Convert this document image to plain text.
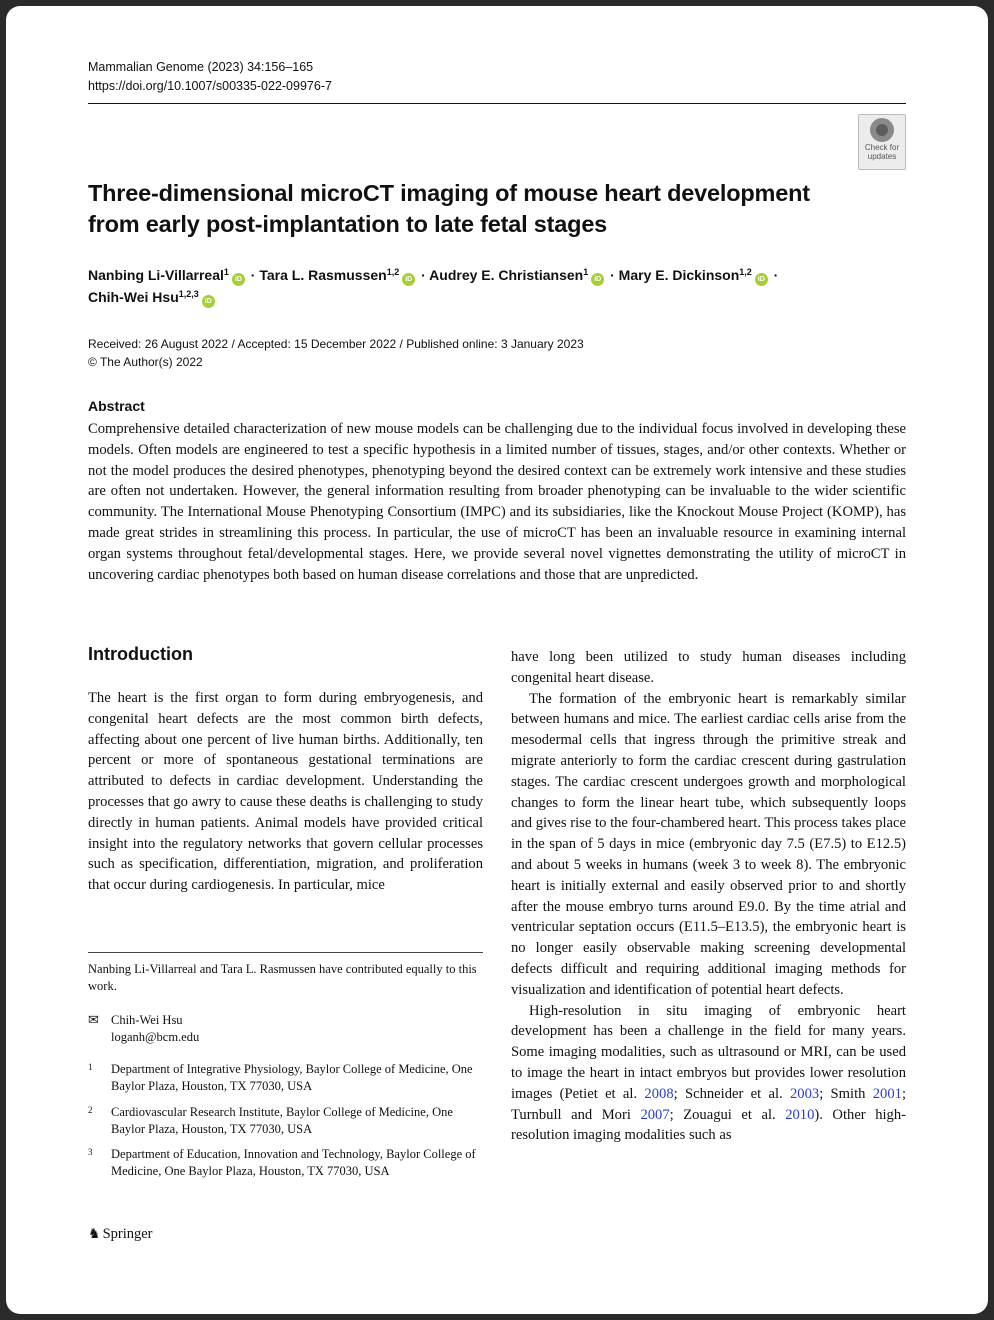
Mammalian Genome (2023) 34:156–165
https://doi.org/10.1007/s00335-022-09976-7
Check for
updates
Three-dimensional microCT imaging of mouse heart development from early post-implantation to late fetal stages
Nanbing Li-Villarreal$^1$iD · Tara L. Rasmussen$^{1,2}$iD · Audrey E. Christiansen$^1$iD · Mary E. Dickinson$^{1,2}$iD ·
Chih-Wei Hsu$^{1,2,3}$iD
Received: 26 August 2022 / Accepted: 15 December 2022 / Published online: 3 January 2023
© The Author(s) 2022
Abstract

Comprehensive detailed characterization of new mouse models can be challenging due to the individual focus involved in developing these models. Often models are engineered to test a specific hypothesis in a limited number of tissues, stages, and/or other contexts. Whether or not the model produces the desired phenotypes, phenotyping beyond the desired context can be extremely work intensive and these studies are often not undertaken. However, the general information resulting from broader phenotyping can be invaluable to the wider scientific community. The International Mouse Phenotyping Consortium (IMPC) and its subsidiaries, like the Knockout Mouse Project (KOMP), has made great strides in streamlining this process. In particular, the use of microCT has been an invaluable resource in examining internal organ systems throughout fetal/developmental stages. Here, we provide several novel vignettes demonstrating the utility of microCT in uncovering cardiac phenotypes both based on human disease correlations and those that are unpredicted.

Introduction

The heart is the first organ to form during embryogenesis, and congenital heart defects are the most common birth defects, affecting about one percent of live human births. Additionally, ten percent or more of spontaneous gestational terminations are attributed to defects in cardiac development. Understanding the processes that go awry to cause these deaths is challenging to study directly in human patients. Animal models have provided critical insight into the regulatory networks that govern cellular processes such as specification, differentiation, migration, and proliferation that occur during cardiogenesis. In particular, mice

have long been utilized to study human diseases including congenital heart disease.

The formation of the embryonic heart is remarkably similar between humans and mice. The earliest cardiac cells arise from the mesodermal cells that ingress through the primitive streak and migrate anteriorly to form the cardiac crescent during gastrulation stages. The cardiac crescent undergoes growth and morphological changes to form the linear heart tube, which subsequently loops and gives rise to the four-chambered heart. This process takes place in the span of 5 days in mice (embryonic day 7.5 (E7.5) to E12.5) and about 5 weeks in humans (week 3 to week 8). The embryonic heart is initially external and easily observed prior to and shortly after the mouse embryo turns around E9.0. By the time atrial and ventricular septation occurs (E11.5–E13.5), the embryonic heart is no longer easily observable making screening developmental defects difficult and requiring additional imaging methods for visualization and identification of potential heart defects.

High-resolution in situ imaging of embryonic heart development has been a challenge in the field for many years. Some imaging modalities, such as ultrasound or MRI, can be used to image the heart in intact embryos but provides lower resolution images (Petiet et al. 2008; Schneider et al. 2003; Smith 2001; Turnbull and Mori 2007; Zouagui et al. 2010). Other high-resolution imaging modalities such as

Nanbing Li-Villarreal and Tara L. Rasmussen have contributed equally to this work.
✉ Chih-Wei Hsu
loganh@bcm.edu
1 Department of Integrative Physiology, Baylor College of Medicine, One Baylor Plaza, Houston, TX 77030, USA
2 Cardiovascular Research Institute, Baylor College of Medicine, One Baylor Plaza, Houston, TX 77030, USA
3 Department of Education, Innovation and Technology, Baylor College of Medicine, One Baylor Plaza, Houston, TX 77030, USA
♞ Springer
